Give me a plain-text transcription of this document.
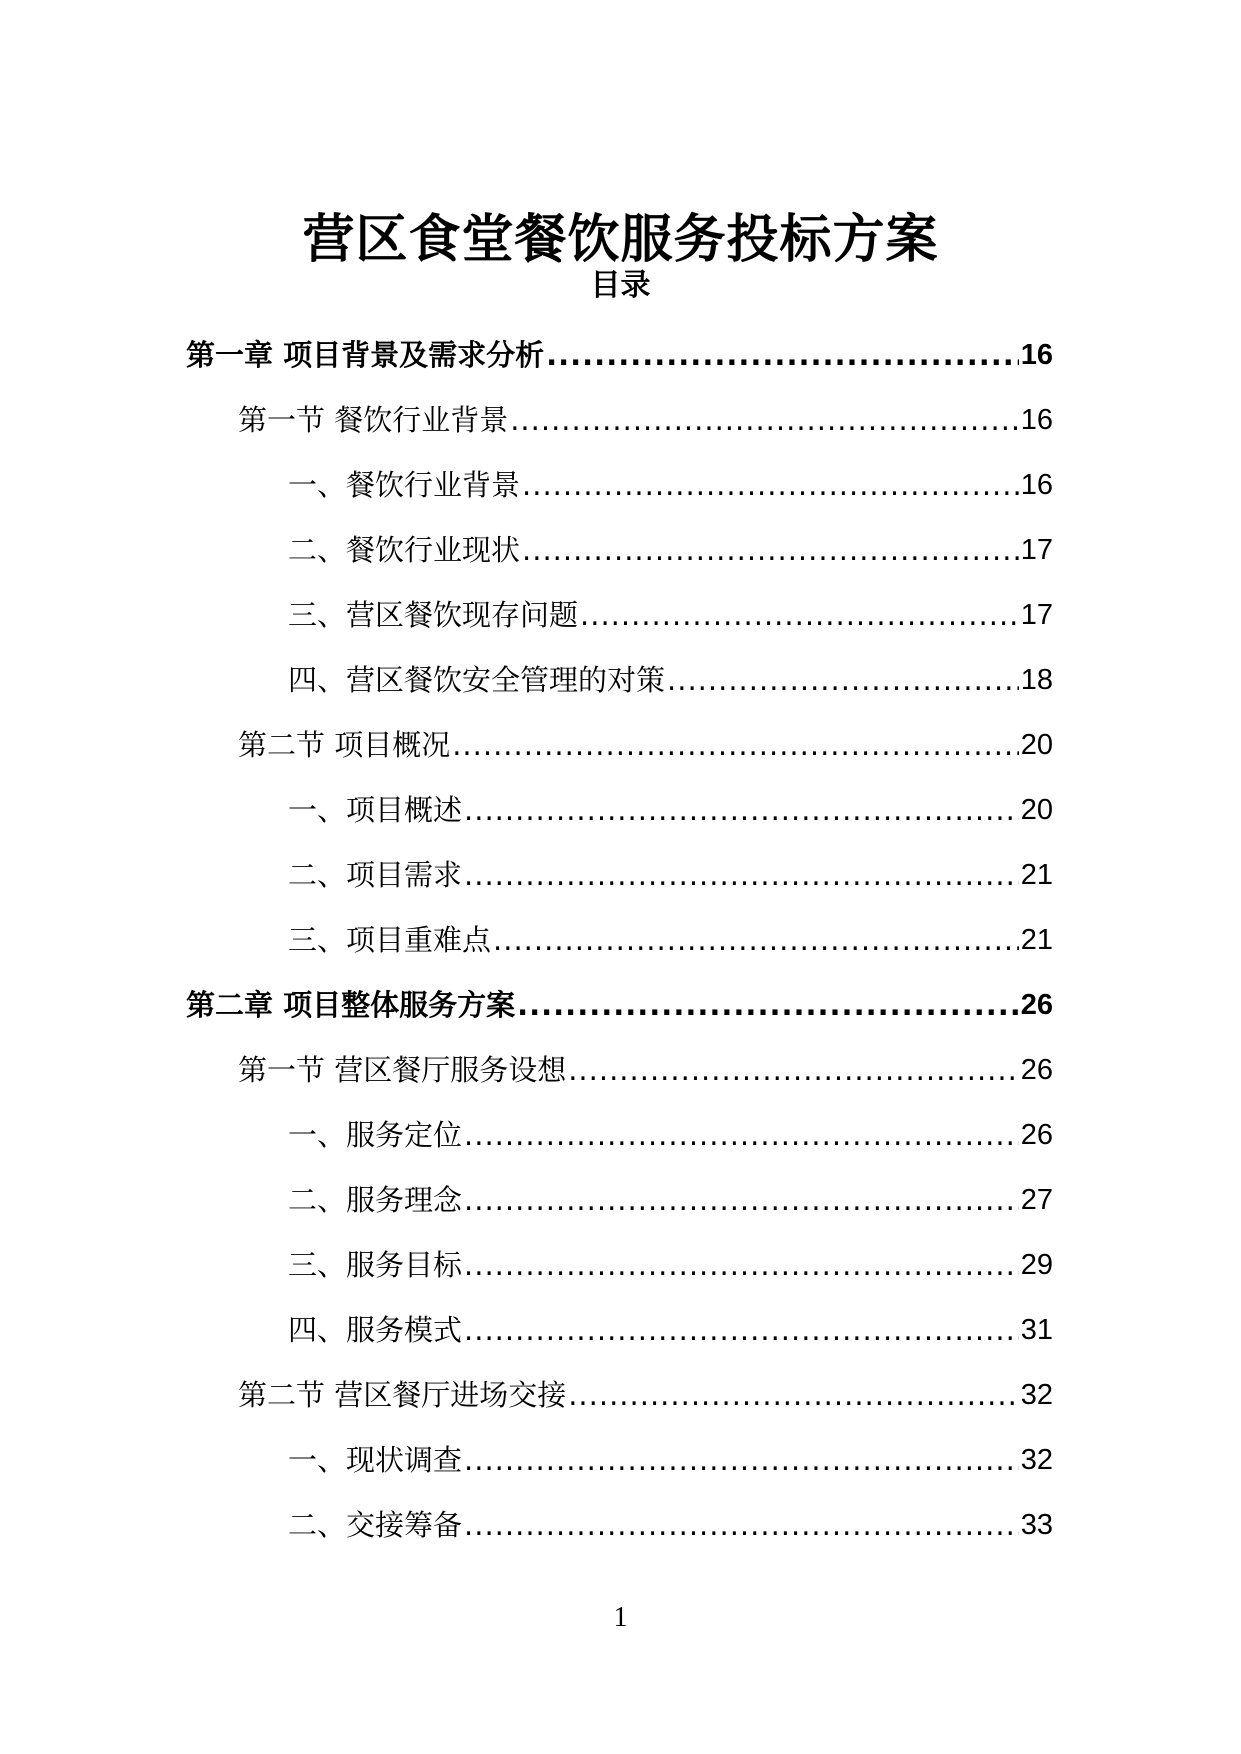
营区食堂餐饮服务投标方案
目录
第一章 项目背景及需求分析 .....	16
第一节 餐饮行业背景 .....	16
一、餐饮行业背景 .....	16
二、餐饮行业现状 .....	17
三、营区餐饮现存问题 .....	17
四、营区餐饮安全管理的对策 .....	18
第二节 项目概况 .....	20
一、项目概述 .....	20
二、项目需求 .....	21
三、项目重难点 .....	21
第二章 项目整体服务方案 .....	26
第一节 营区餐厅服务设想 .....	26
一、服务定位 .....	26
二、服务理念 .....	27
三、服务目标 .....	29
四、服务模式 .....	31
第二节 营区餐厅进场交接 .....	32
一、现状调查 .....	32
二、交接筹备 .....	33
1
